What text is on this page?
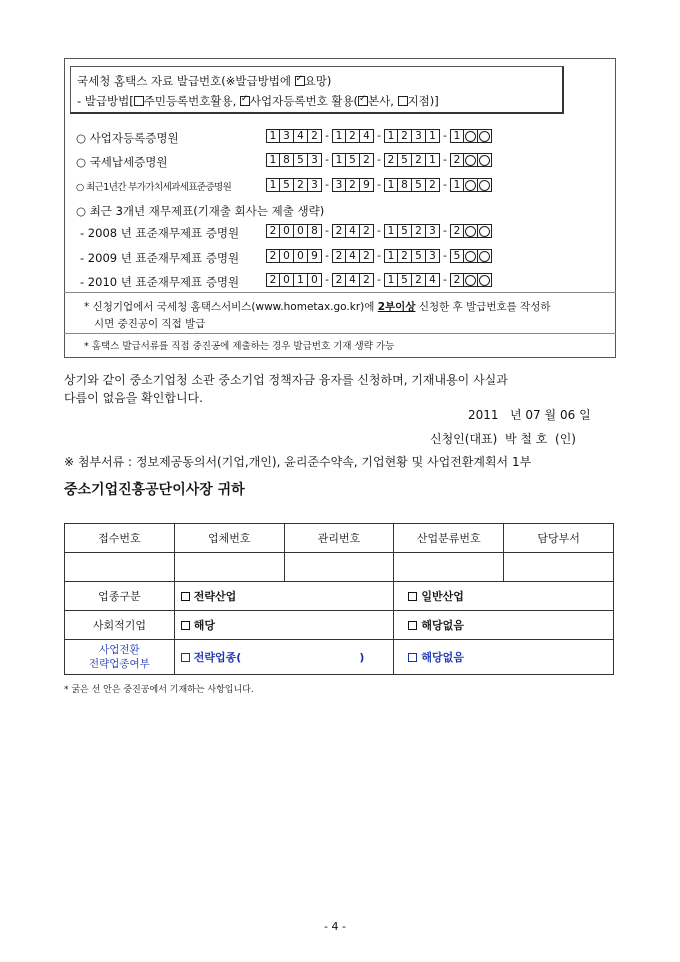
국세청 홈택스 자료 발급번호(※발급방법에 ✓요망)
- 발급방법[ 주민등록번호활용, ✓사업자등록번호 활용( ✓ 본사, 지점)]
○ 최근 3개년 재무제표(기재출 회사는 제출 생략)
* 신청기업에서 국세청 홈택스서비스(www.hometax.go.kr)에 2부이상 신청한 후 발급번호를 작성하
시면 중진공이 직접 발급
* 홈택스 발급서류를 직접 중진공에 제출하는 경우 발급번호 기재 생략 가능
상기와 같이 중소기업청 소관 중소기업 정책자금 융자를 신청하며, 기재내용이 사실과
다름이 없음을 확인합니다.
2011 년 07 월 06 일
신청인(대표) 박 철 호 (인)
※ 첨부서류 : 정보제공동의서(기업,개인), 윤리준수약속, 기업현황 및 사업전환계획서 1부
중소기업진흥공단이사장 귀하
접수번호	업체번호	관리번호	산업분류번호	담당부서

업종구분	전략산업		일반산업	
사회적기업	해당		해당없음	
사업전환
전략업종여부	전략업종( )		해당없음	
* 굵은 선 안은 중진공에서 기재하는 사항입니다.
- 4 -
○ 사업자등록증명원	1 3 4 2 - 1 2 4 - 1 2 3 1 - 1
○ 국세납세증명원	1 8 5 3 - 1 5 2 - 2 5 2 1 - 2
○ 최근1년간 부가가치세과세표준증명원	1 5 2 3 - 3 2 9 - 1 8 5 2 - 1
- 2008 년 표준재무제표 증명원	2 0 0 8 - 2 4 2 - 1 5 2 3 - 2
- 2009 년 표준재무제표 증명원	2 0 0 9 - 2 4 2 - 1 2 5 3 - 5
- 2010 년 표준재무제표 증명원	2 0 1 0 - 2 4 2 - 1 5 2 4 - 2
